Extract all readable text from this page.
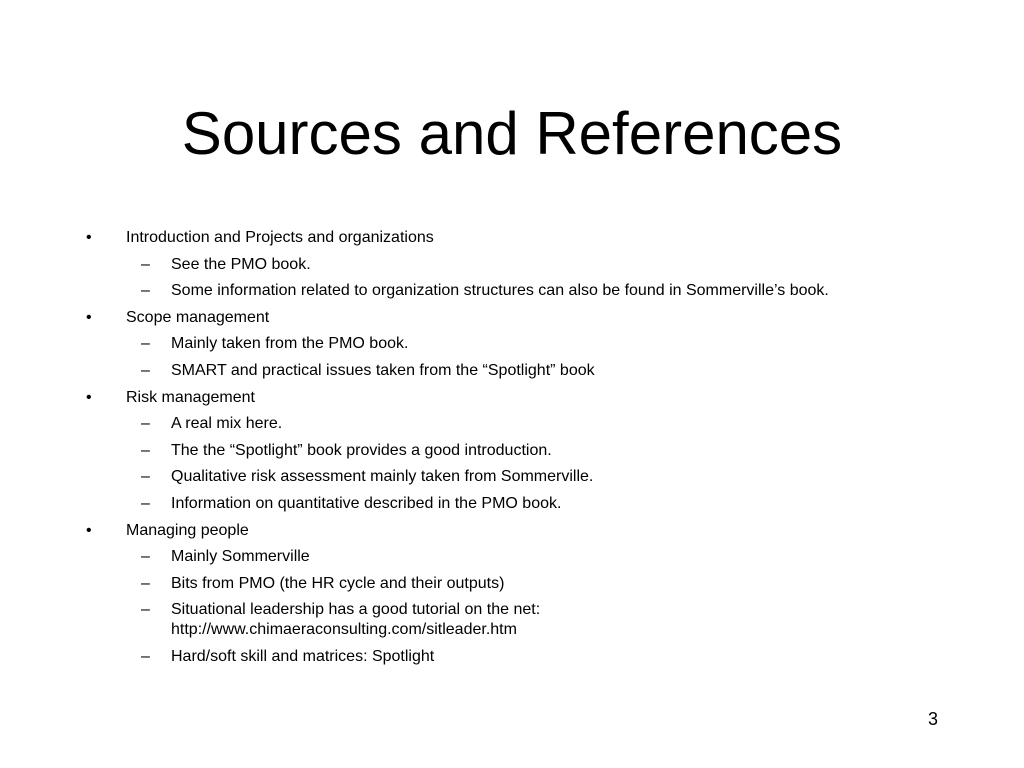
Sources and References
•	Introduction and Projects and organizations
–	See the PMO book.
–	Some information related to organization structures can also be found in Sommerville’s book.
•	Scope management
–	Mainly taken from the PMO book.
–	SMART and practical issues taken from the “Spotlight” book
•	Risk management
–	A real mix here.
–	The the “Spotlight” book provides a good introduction.
–	Qualitative risk assessment mainly taken from Sommerville.
–	Information on quantitative described in the PMO book.
•	Managing people
–	Mainly Sommerville
–	Bits from PMO (the HR cycle and their outputs)
–	Situational leadership has a good tutorial on the net:
http://www.chimaeraconsulting.com/sitleader.htm
–	Hard/soft skill and matrices: Spotlight
3
